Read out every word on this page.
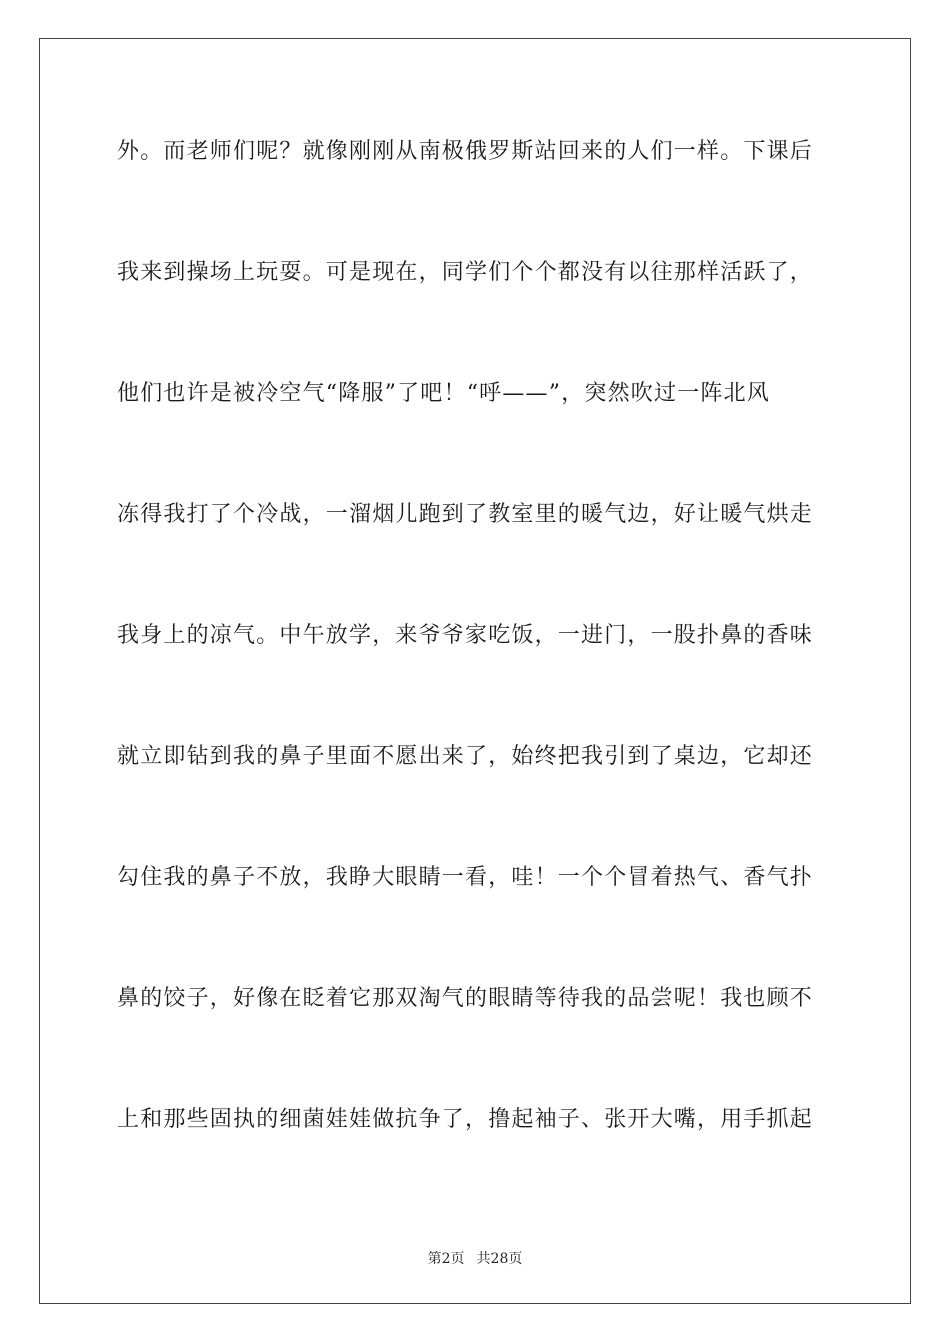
外。而老师们呢？就像刚刚从南极俄罗斯站回来的人们一样。下课后
我来到操场上玩耍。可是现在，同学们个个都没有以往那样活跃了，
他们也许是被冷空气“降服”了吧！“呼——”，突然吹过一阵北风
冻得我打了个冷战，一溜烟儿跑到了教室里的暖气边，好让暖气烘走
我身上的凉气。中午放学，来爷爷家吃饭，一进门，一股扑鼻的香味
就立即钻到我的鼻子里面不愿出来了，始终把我引到了桌边，它却还
勾住我的鼻子不放，我睁大眼睛一看，哇！一个个冒着热气、香气扑
鼻的饺子，好像在眨着它那双淘气的眼睛等待我的品尝呢！我也顾不
上和那些固执的细菌娃娃做抗争了，撸起袖子、张开大嘴，用手抓起
第2页 共28页
